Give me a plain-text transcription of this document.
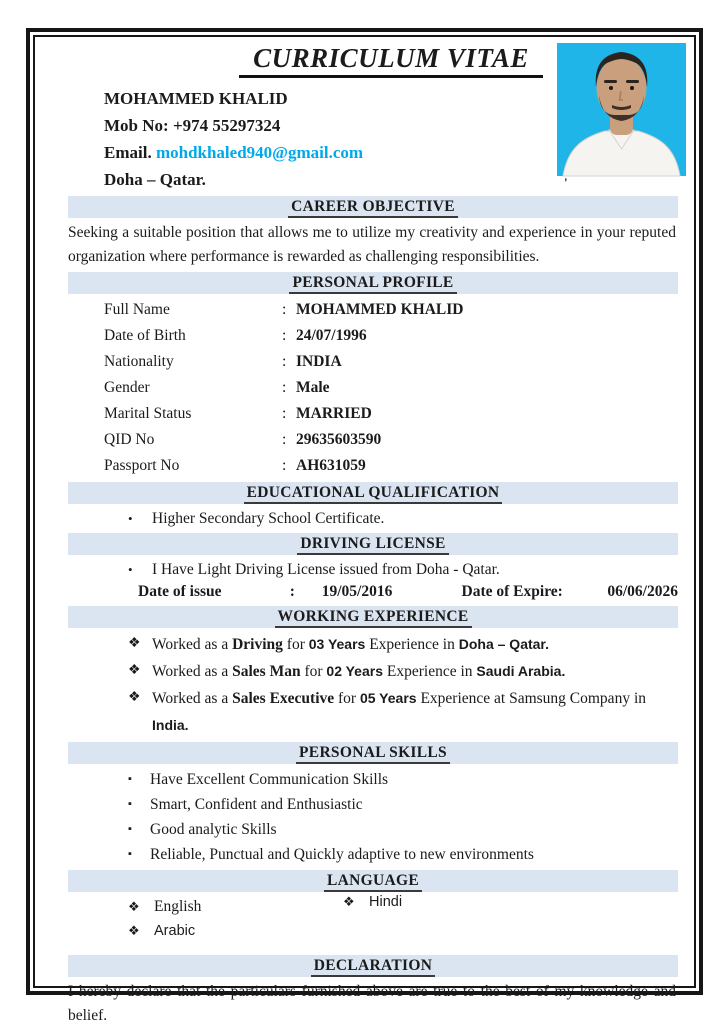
'
CURRICULUM VITAE
MOHAMMED KHALID
Mob No: +974 55297324
Email. mohdkhaled940@gmail.com
Doha – Qatar.
CAREER OBJECTIVE

Seeking a suitable position that allows me to utilize my creativity and experience in your reputed organization where performance is rewarded as challenging responsibilities.

PERSONAL PROFILE
Full Name	: MOHAMMED KHALID
Date of Birth	: 24/07/1996
Nationality	: INDIA
Gender	: Male
Marital Status	: MARRIED
QID No	: 29635603590
Passport No	: AH631059
EDUCATIONAL QUALIFICATION
•	Higher Secondary School Certificate.
DRIVING LICENSE
•	I Have Light Driving License issued from Doha - Qatar.
Date of issue	:	19/05/2016	Date of Expire:	06/06/2026
WORKING EXPERIENCE
❖ Worked as a Driving for 03 Years Experience in Doha – Qatar.
❖ Worked as a Sales Man for 02 Years Experience in Saudi Arabia.
❖ Worked as a Sales Executive for 05 Years Experience at Samsung Company in India.
PERSONAL SKILLS
▪	Have Excellent Communication Skills
▪	Smart, Confident and Enthusiastic
▪	Good analytic Skills
▪	Reliable, Punctual and Quickly adaptive to new environments
LANGUAGE
❖ English
❖ Arabic
❖ Hindi
DECLARATION

I hereby declare that the particulars furnished above are true to the best of my knowledge and belief.
